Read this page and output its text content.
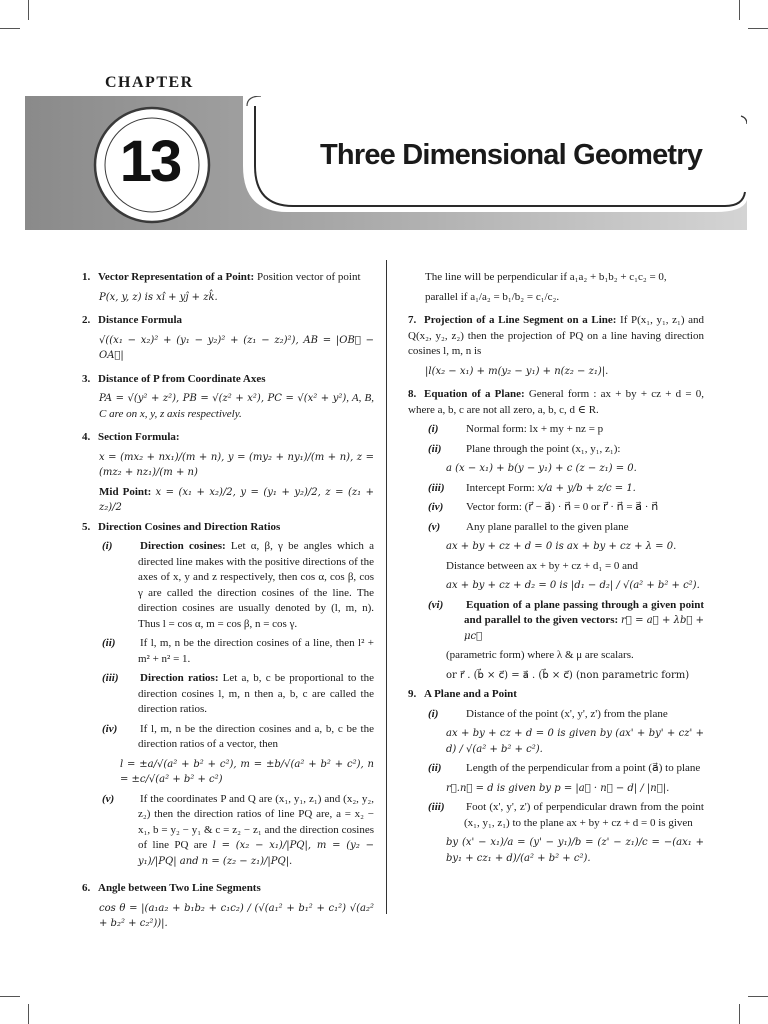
CHAPTER
13	Three Dimensional Geometry
1. Vector Representation of a Point: Position vector of point
P(x, y, z) is xî + yĵ + zk̂.
2. Distance Formula
√((x₁ − x₂)² + (y₁ − y₂)² + (z₁ − z₂)²), AB = |OB⃗ − OA⃗|
3. Distance of P from Coordinate Axes
PA = √(y² + z²), PB = √(z² + x²), PC = √(x² + y²), A, B, C are on x, y, z axis respectively.
4. Section Formula:
x = (mx₂ + nx₁)/(m + n), y = (my₂ + ny₁)/(m + n), z = (mz₂ + nz₁)/(m + n)
Mid Point: x = (x₁ + x₂)/2, y = (y₁ + y₂)/2, z = (z₁ + z₂)/2
5. Direction Cosines and Direction Ratios
(i)	Direction cosines: Let α, β, γ be angles which a directed line makes with the positive directions of the axes of x, y and z respectively, then cos α, cos β, cos γ are called the direction cosines of the line. The direction cosines are usually denoted by (l, m, n). Thus l = cos α, m = cos β, n = cos γ.
(ii) If l, m, n be the direction cosines of a line, then l² + m² + n² = 1.
(iii) Direction ratios: Let a, b, c be proportional to the direction cosines l, m, n then a, b, c are called the direction ratios.
(iv) If l, m, n be the direction cosines and a, b, c be the direction ratios of a vector, then
l = ±a/√(a² + b² + c²), m = ±b/√(a² + b² + c²), n = ±c/√(a² + b² + c²)
(v) If the coordinates P and Q are (x₁, y₁, z₁) and (x₂, y₂, z₂) then the direction ratios of line PQ are, a = x₂ − x₁, b = y₂ − y₁ & c = z₂ − z₁ and the direction cosines of line PQ are l = (x₂ − x₁)/|PQ|, m = (y₂ − y₁)/|PQ| and n = (z₂ − z₁)/|PQ|.
6. Angle between Two Line Segments
cos θ = |(a₁a₂ + b₁b₂ + c₁c₂) / (√(a₁² + b₁² + c₁²) √(a₂² + b₂² + c₂²))|.
The line will be perpendicular if a₁a₂ + b₁b₂ + c₁c₂ = 0,
parallel if a₁/a₂ = b₁/b₂ = c₁/c₂.
7. Projection of a Line Segment on a Line: If P(x₁, y₁, z₁) and Q(x₂, y₂, z₂) then the projection of PQ on a line having direction cosines l, m, n is
|l(x₂ − x₁) + m(y₂ − y₁) + n(z₂ − z₁)|.
8. Equation of a Plane: General form : ax + by + cz + d = 0, where a, b, c are not all zero, a, b, c, d ∈ R.
(i)	Normal form: lx + my + nz = p
(ii) Plane through the point (x₁, y₁, z₁):
a (x − x₁) + b(y − y₁) + c (z − z₁) = 0.
(iii) Intercept Form: x/a + y/b + z/c = 1.
(iv) Vector form: (r⃗ − a⃗) · n⃗ = 0 or r⃗ · n⃗ = a⃗ · n⃗
(v) Any plane parallel to the given plane
ax + by + cz + d = 0 is ax + by + cz + λ = 0.
Distance between ax + by + cz + d₁ = 0 and
ax + by + cz + d₂ = 0 is |d₁ − d₂| / √(a² + b² + c²).
(vi) Equation of a plane passing through a given point and parallel to the given vectors: r⃗ = a⃗ + λb⃗ + μc⃗
(parametric form) where λ & μ are scalars.
or r⃗ . (b⃗ × c⃗) = a⃗ . (b⃗ × c⃗) (non parametric form)
9. A Plane and a Point
(i)	Distance of the point (x', y', z') from the plane
ax + by + cz + d = 0 is given by (ax' + by' + cz' + d) / √(a² + b² + c²).
(ii) Length of the perpendicular from a point (a⃗) to plane
r⃗.n⃗ = d is given by p = |a⃗ · n⃗ − d| / |n⃗|.
(iii) Foot (x', y', z') of perpendicular drawn from the point (x₁, y₁, z₁) to the plane ax + by + cz + d = 0 is given
by (x' − x₁)/a = (y' − y₁)/b = (z' − z₁)/c = −(ax₁ + by₁ + cz₁ + d)/(a² + b² + c²).
